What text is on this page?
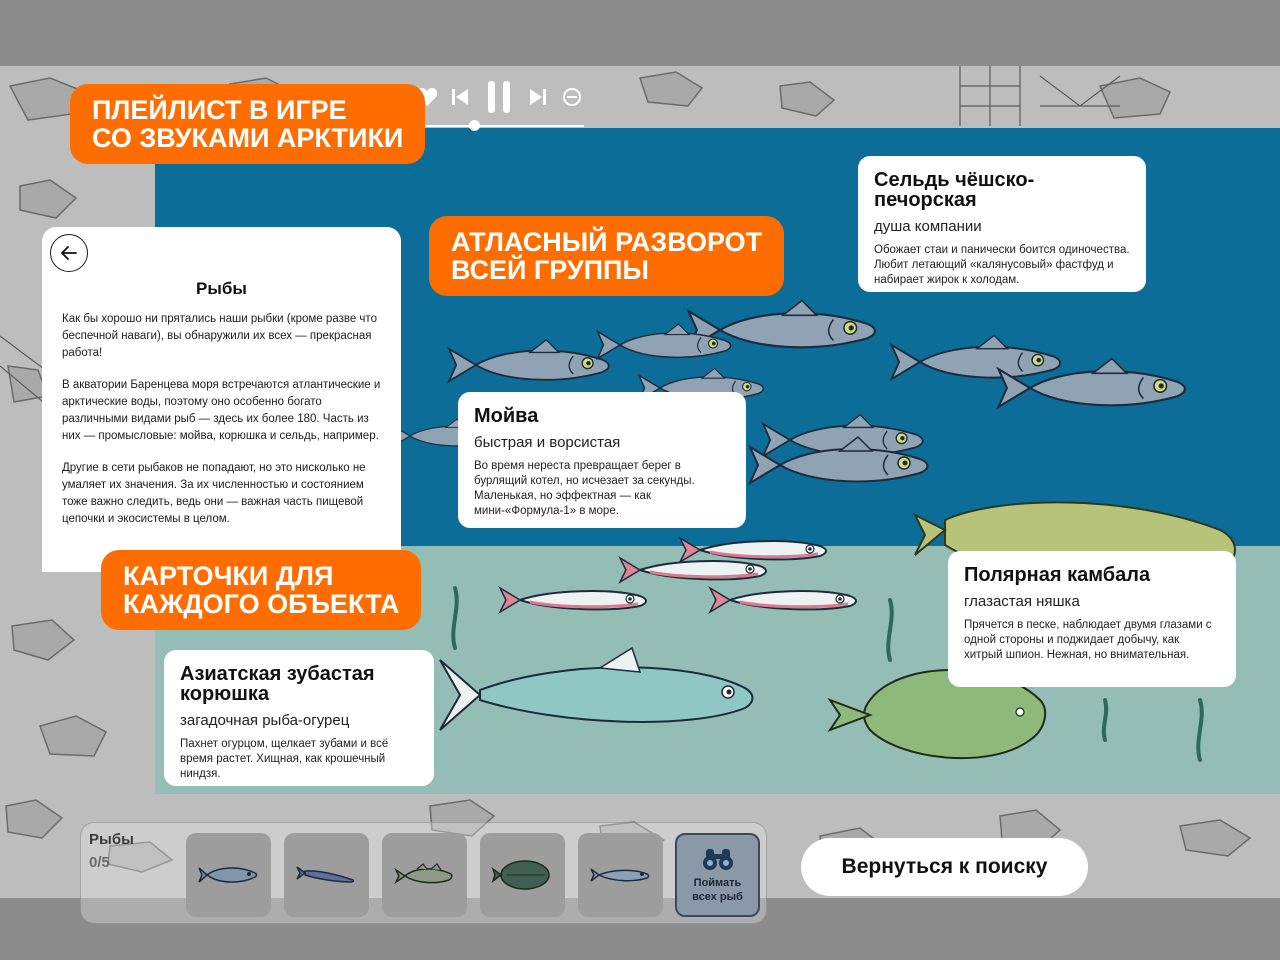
ПЛЕЙЛИСТ В ИГРЕ
СО ЗВУКАМИ АРКТИКИ
АТЛАСНЫЙ РАЗВОРОТ
ВСЕЙ ГРУППЫ
Рыбы

Как бы хорошо ни прятались наши рыбки (кроме разве что беспечной наваги), вы обнаружили их всех — прекрасная работа!

В акватории Баренцева моря встречаются атлантические и арктические воды, поэтому оно особенно богато различными видами рыб — здесь их более 180. Часть из них — промысловые: мойва, корюшка и сельдь, например.

Другие в сети рыбаков не попадают, но это нисколько не умаляет их значения. За их численностью и состоянием тоже важно следить, ведь они — важная часть пищевой цепочки и экосистемы в целом.

КАРТОЧКИ ДЛЯ
КАЖДОГО ОБЪЕКТА
Сельдь чёшско-печорская
душа компании
Обожает стаи и панически боится одиночества. Любит летающий «калянусовый» фастфуд и набирает жирок к холодам.
Мойва
быстрая и ворсистая
Во время нереста превращает берег в бурлящий котел, но исчезает за секунды. Маленькая, но эффектная — как мини-«Формула-1» в море.
Полярная камбала
глазастая няшка
Прячется в песке, наблюдает двумя глазами с одной стороны и поджидает добычу, как хитрый шпион. Нежная, но внимательная.
Азиатская зубастая корюшка
загадочная рыба-огурец
Пахнет огурцом, щелкает зубами и всё время растет. Хищная, как крошечный ниндзя.
Рыбы
0/5
Поймать
всех рыб
Вернуться к поиску
